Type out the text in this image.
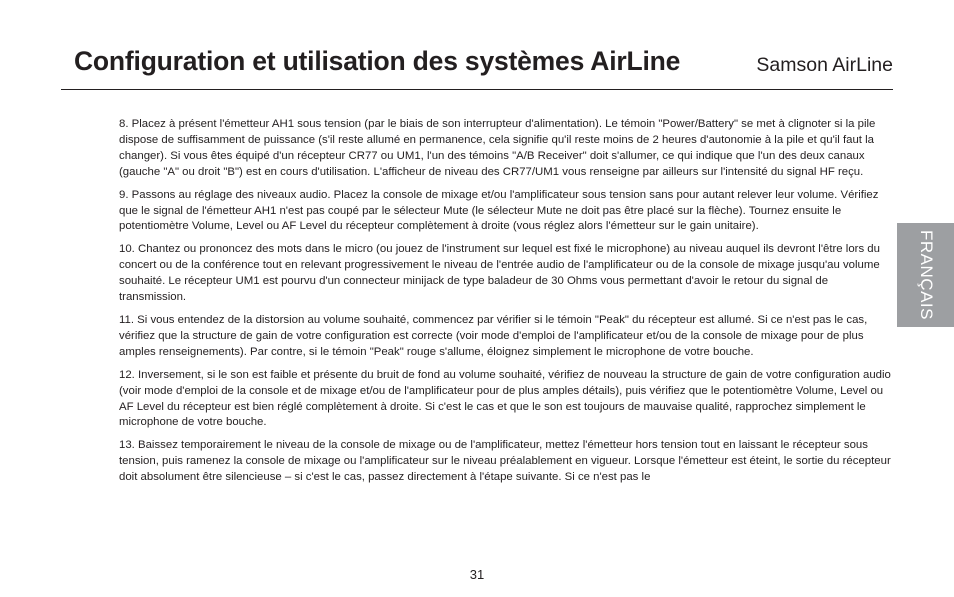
Configuration et utilisation des systèmes AirLine	Samson AirLine

8. Placez à présent l'émetteur AH1 sous tension (par le biais de son interrupteur d'alimentation). Le témoin "Power/Battery" se met à clignoter si la pile dispose de suffisamment de puissance (s'il reste allumé en permanence, cela signifie qu'il reste moins de 2 heures d'autonomie à la pile et qu'il faut la changer). Si vous êtes équipé d'un récepteur CR77 ou UM1, l'un des témoins "A/B Receiver" doit s'allumer, ce qui indique que l'un des deux canaux (gauche "A" ou droit "B") est en cours d'utilisation. L'afficheur de niveau des CR77/UM1 vous renseigne par ailleurs sur l'intensité du signal HF reçu.

9. Passons au réglage des niveaux audio. Placez la console de mixage et/ou l'amplificateur sous tension sans pour autant relever leur volume. Vérifiez que le signal de l'émetteur AH1 n'est pas coupé par le sélecteur Mute (le sélecteur Mute ne doit pas être placé sur la flèche). Tournez ensuite le potentiomètre Volume, Level ou AF Level du récepteur complètement à droite (vous réglez alors l'émetteur sur le gain unitaire).

10. Chantez ou prononcez des mots dans le micro (ou jouez de l'instrument sur lequel est fixé le microphone) au niveau auquel ils devront l'être lors du concert ou de la conférence tout en relevant progressivement le niveau de l'entrée audio de l'amplificateur ou de la console de mixage jusqu'au volume souhaité. Le récepteur UM1 est pourvu d'un connecteur minijack de type baladeur de 30 Ohms vous permettant d'avoir le retour du signal de transmission.

11. Si vous entendez de la distorsion au volume souhaité, commencez par vérifier si le témoin "Peak" du récepteur est allumé. Si ce n'est pas le cas, vérifiez que la structure de gain de votre configuration est correcte (voir mode d'emploi de l'amplificateur et/ou de la console de mixage pour de plus amples renseignements). Par contre, si le témoin "Peak" rouge s'allume, éloignez simplement le microphone de votre bouche.

12. Inversement, si le son est faible et présente du bruit de fond au volume souhaité, vérifiez de nouveau la structure de gain de votre configuration audio (voir mode d'emploi de la console et de mixage et/ou de l'amplificateur pour de plus amples détails), puis vérifiez que le potentiomètre Volume, Level ou AF Level du récepteur est bien réglé complètement à droite. Si c'est le cas et que le son est toujours de mauvaise qualité, rapprochez simplement le microphone de votre bouche.

13. Baissez temporairement le niveau de la console de mixage ou de l'amplificateur, mettez l'émetteur hors tension tout en laissant le récepteur sous tension, puis ramenez la console de mixage ou l'amplificateur sur le niveau préalablement en vigueur. Lorsque l'émetteur est éteint, le sortie du récepteur doit absolument être silencieuse – si c'est le cas, passez directement à l'étape suivante. Si ce n'est pas le

FRANÇAIS
31
